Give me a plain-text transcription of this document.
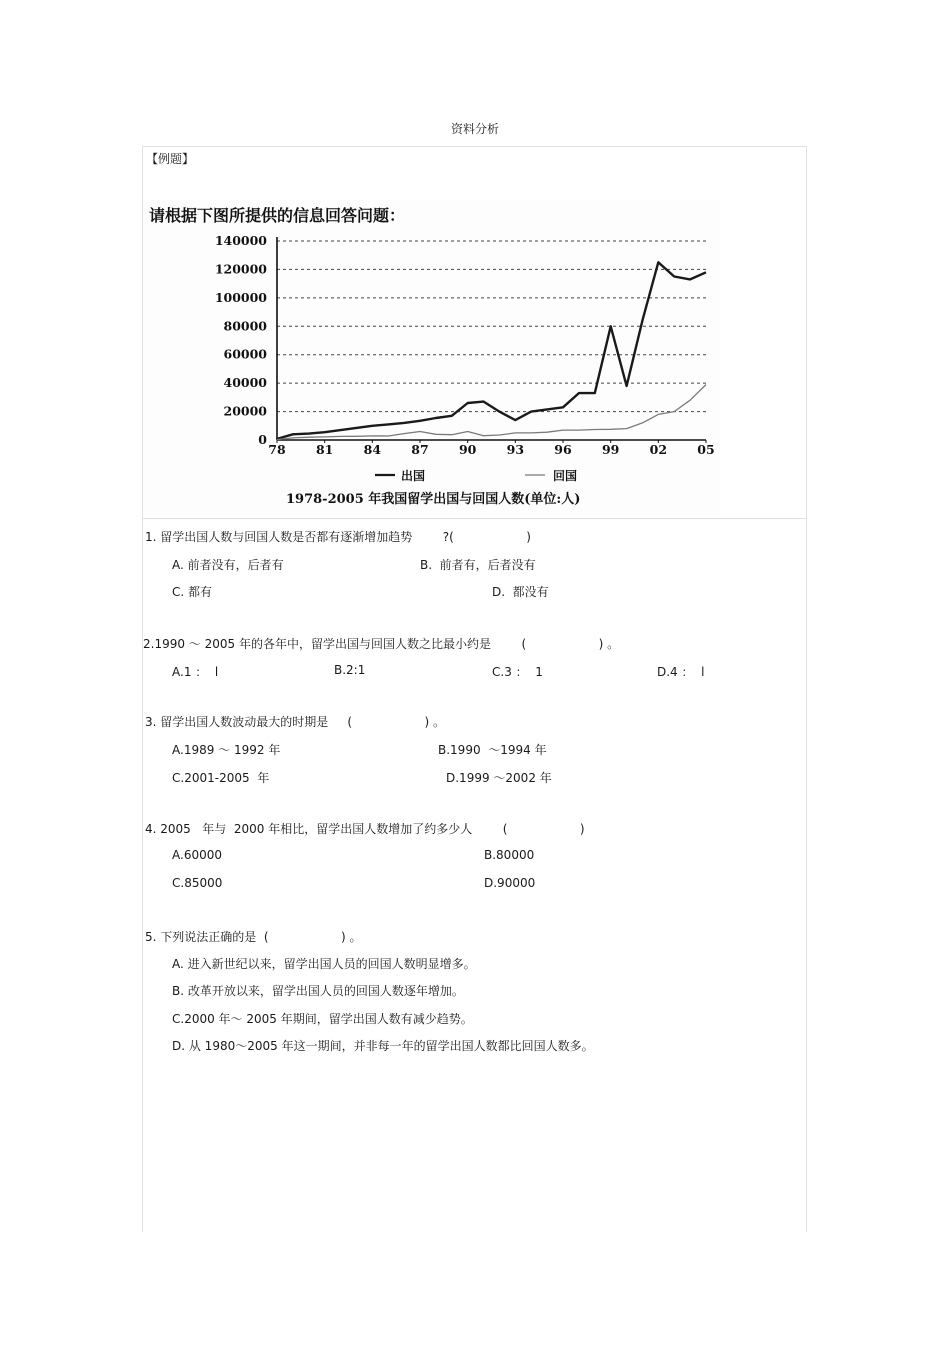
资料分析
【例题】
请根据下图所提供的信息回答问题：
140000
120000
100000
80000
60000
40000
20000
0
78 81 84 87 90 93 96 99 02 05
出国	回国
1978-2005 年我国留学出国与回国人数(单位:人)
1. 留学出国人数与回国人数是否都有逐渐增加趋势        ?(                   )
A. 前者没有，后者有	B.  前者有，后者没有
C. 都有	D.  都没有
2.1990 ～ 2005 年的各年中，留学出国与回国人数之比最小约是        (                   ) 。
A.1 ：  l	B.2:1	C.3 ：  1	D.4 ：  l
3. 留学出国人数波动最大的时期是     (                   ) 。
A.1989 ～ 1992 年	B.1990  ～1994 年
C.2001-2005  年	D.1999 ～2002 年
4. 2005   年与  2000 年相比，留学出国人数增加了约多少人        (                   )
A.60000	B.80000
C.85000	D.90000
5. 下列说法正确的是  (                   ) 。
A. 进入新世纪以来，留学出国人员的回国人数明显增多。
B. 改革开放以来，留学出国人员的回国人数逐年增加。
C.2000 年～ 2005 年期间，留学出国人数有减少趋势。
D. 从 1980～2005 年这一期间，并非每一年的留学出国人数都比回国人数多。
